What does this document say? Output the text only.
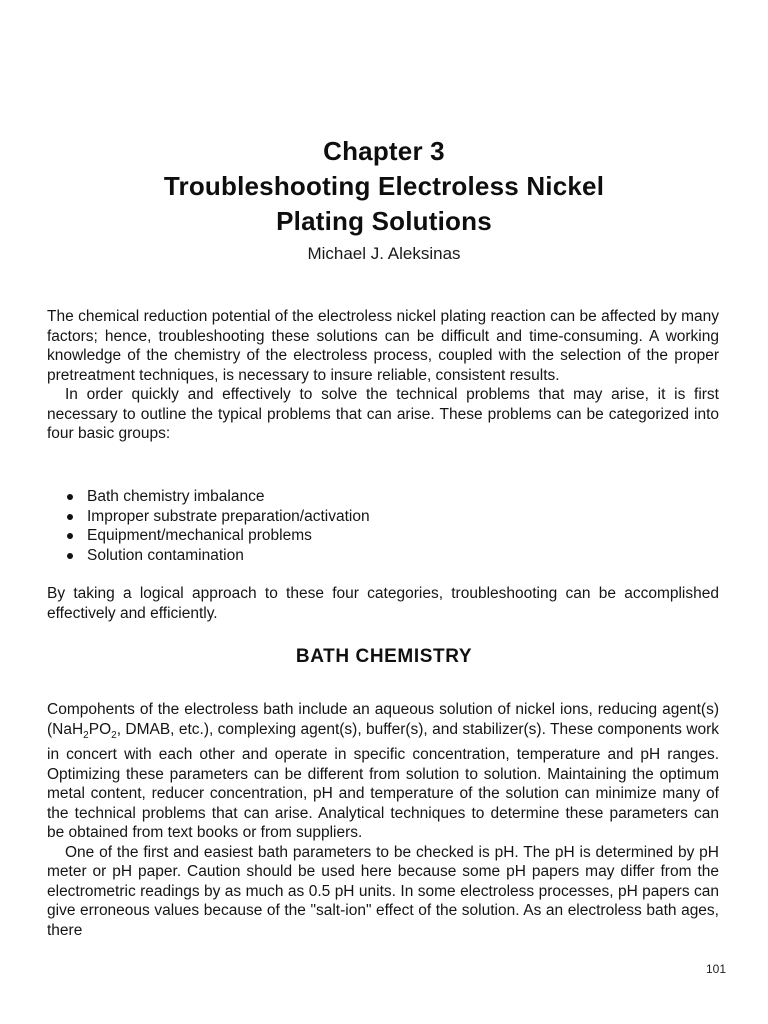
Chapter 3
Troubleshooting Electroless Nickel
Plating Solutions
Michael J. Aleksinas

The chemical reduction potential of the electroless nickel plating reaction can be affected by many factors; hence, troubleshooting these solutions can be difficult and time-consuming. A working knowledge of the chemistry of the electroless process, coupled with the selection of the proper pretreatment techniques, is necessary to insure reliable, consistent results.

In order quickly and effectively to solve the technical problems that may arise, it is first necessary to outline the typical problems that can arise. These problems can be categorized into four basic groups:

Bath chemistry imbalance
Improper substrate preparation/activation
Equipment/mechanical problems
Solution contamination

By taking a logical approach to these four categories, troubleshooting can be accomplished effectively and efficiently.

BATH CHEMISTRY

Compohents of the electroless bath include an aqueous solution of nickel ions, reducing agent(s) ($NaH_2PO_2$, DMAB, etc.), complexing agent(s), buffer(s), and stabilizer(s). These components work in concert with each other and operate in specific concentration, temperature and pH ranges. Optimizing these parameters can be different from solution to solution. Maintaining the optimum metal content, reducer concentration, pH and temperature of the solution can minimize many of the technical problems that can arise. Analytical techniques to determine these parameters can be obtained from text books or from suppliers.

One of the first and easiest bath parameters to be checked is pH. The pH is determined by pH meter or pH paper. Caution should be used here because some pH papers may differ from the electrometric readings by as much as 0.5 pH units. In some electroless processes, pH papers can give erroneous values because of the "salt-ion" effect of the solution. As an electroless bath ages, there

101
